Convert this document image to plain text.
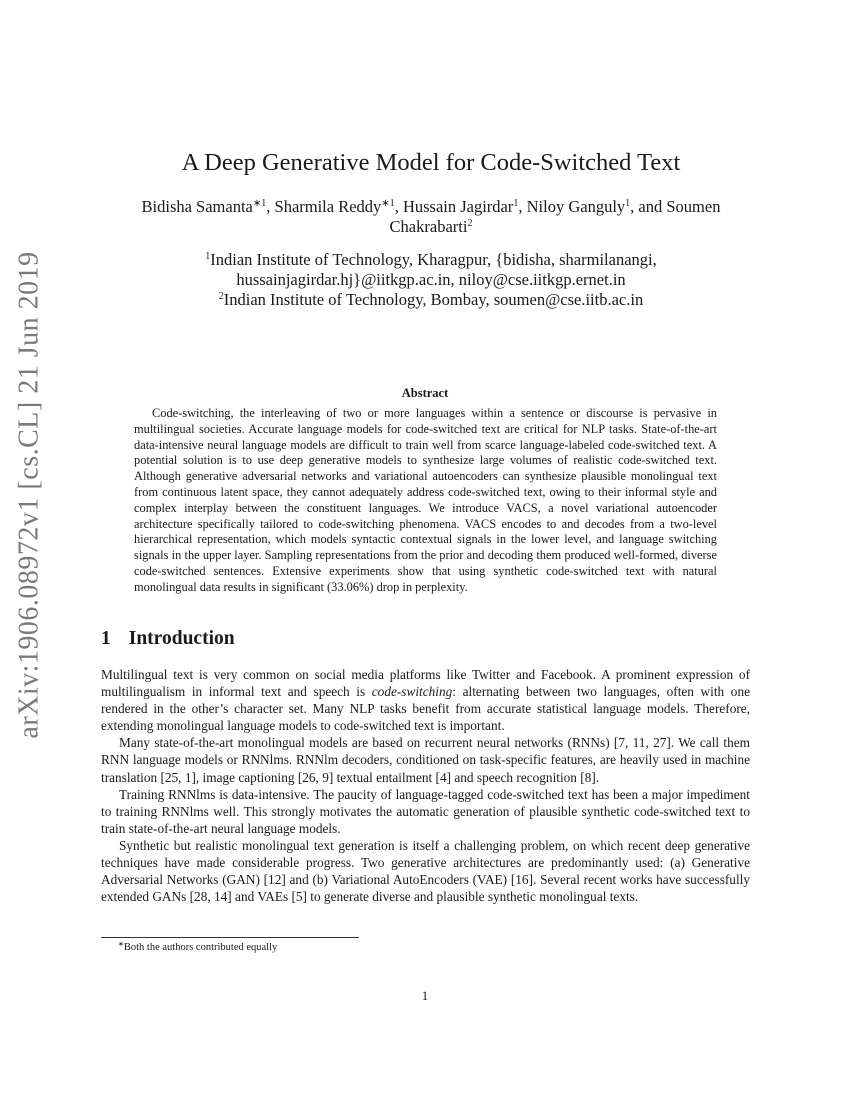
arXiv:1906.08972v1 [cs.CL] 21 Jun 2019
A Deep Generative Model for Code-Switched Text
Bidisha Samanta$^{∗1}$, Sharmila Reddy$^{∗1}$, Hussain Jagirdar$^1$, Niloy Ganguly$^1$, and Soumen Chakrabarti$^2$
$^1$Indian Institute of Technology, Kharagpur, {bidisha, sharmilanangi,
hussainjagirdar.hj}@iitkgp.ac.in, niloy@cse.iitkgp.ernet.in
$^2$Indian Institute of Technology, Bombay, soumen@cse.iitb.ac.in
Abstract
Code-switching, the interleaving of two or more languages within a sentence or discourse is pervasive in multilingual societies. Accurate language models for code-switched text are critical for NLP tasks. State-of-the-art data-intensive neural language models are difficult to train well from scarce language-labeled code-switched text. A potential solution is to use deep generative models to synthesize large volumes of realistic code-switched text. Although generative adversarial networks and variational autoencoders can synthesize plausible monolingual text from continuous latent space, they cannot adequately address code-switched text, owing to their informal style and complex interplay between the constituent languages. We introduce VACS, a novel variational autoencoder architecture specifically tailored to code-switching phenomena. VACS encodes to and decodes from a two-level hierarchical representation, which models syntactic contextual signals in the lower level, and language switching signals in the upper layer. Sampling representations from the prior and decoding them produced well-formed, diverse code-switched sentences. Extensive experiments show that using synthetic code-switched text with natural monolingual data results in significant (33.06%) drop in perplexity.
1 Introduction

Multilingual text is very common on social media platforms like Twitter and Facebook. A prominent expression of multilingualism in informal text and speech is code-switching: alternating between two languages, often with one rendered in the other’s character set. Many NLP tasks benefit from accurate statistical language models. Therefore, extending monolingual language models to code-switched text is important.

Many state-of-the-art monolingual models are based on recurrent neural networks (RNNs) [7, 11, 27]. We call them RNN language models or RNNlms. RNNlm decoders, conditioned on task-specific features, are heavily used in machine translation [25, 1], image captioning [26, 9] textual entailment [4] and speech recognition [8].

Training RNNlms is data-intensive. The paucity of language-tagged code-switched text has been a major impediment to training RNNlms well. This strongly motivates the automatic generation of plausible synthetic code-switched text to train state-of-the-art neural language models.

Synthetic but realistic monolingual text generation is itself a challenging problem, on which recent deep generative techniques have made considerable progress. Two generative architectures are predominantly used: (a) Generative Adversarial Networks (GAN) [12] and (b) Variational AutoEncoders (VAE) [16]. Several recent works have successfully extended GANs [28, 14] and VAEs [5] to generate diverse and plausible synthetic monolingual texts.

∗Both the authors contributed equally
1
